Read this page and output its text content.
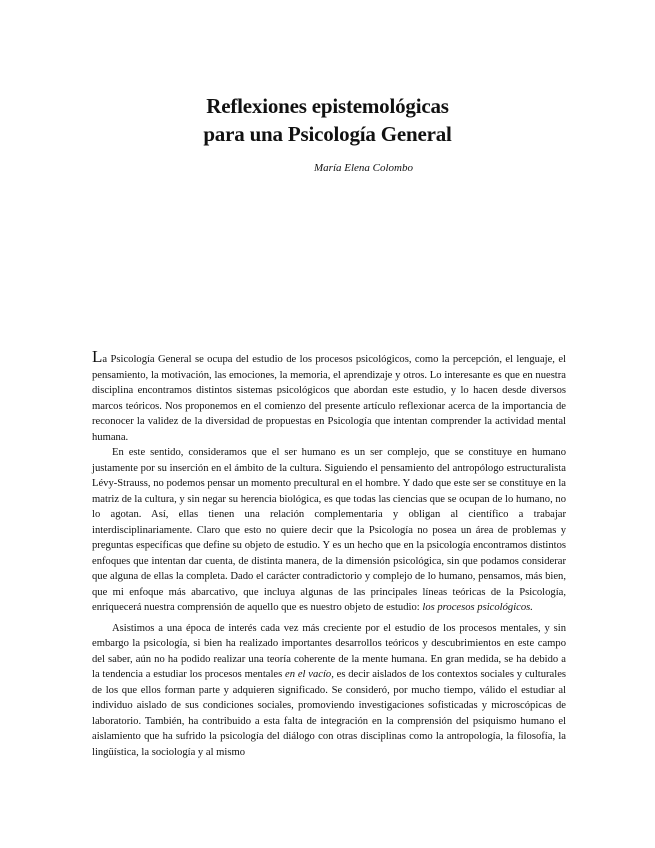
Reflexiones epistemológicas
para una Psicología General
María Elena Colombo

La Psicología General se ocupa del estudio de los procesos psicológicos, como la percepción, el lenguaje, el pensamiento, la motivación, las emociones, la memoria, el aprendizaje y otros. Lo interesante es que en nuestra disciplina encontramos distintos sistemas psicológicos que abordan este estudio, y lo hacen desde diversos marcos teóricos. Nos proponemos en el comienzo del presente artículo reflexionar acerca de la importancia de reconocer la validez de la diversidad de propuestas en Psicología que intentan comprender la actividad mental humana.

En este sentido, consideramos que el ser humano es un ser complejo, que se constituye en humano justamente por su inserción en el ámbito de la cultura. Siguiendo el pensamiento del antropólogo estructuralista Lévy-Strauss, no podemos pensar un momento precultural en el hombre. Y dado que este ser se constituye en la matriz de la cultura, y sin negar su herencia biológica, es que todas las ciencias que se ocupan de lo humano, no lo agotan. Así, ellas tienen una relación complementaria y obligan al científico a trabajar interdisciplinariamente. Claro que esto no quiere decir que la Psicología no posea un área de problemas y preguntas específicas que define su objeto de estudio. Y es un hecho que en la psicología encontramos distintos enfoques que intentan dar cuenta, de distinta manera, de la dimensión psicológica, sin que podamos considerar que alguna de ellas la completa. Dado el carácter contradictorio y complejo de lo humano, pensamos, más bien, que mi enfoque más abarcativo, que incluya algunas de las principales líneas teóricas de la Psicología, enriquecerá nuestra comprensión de aquello que es nuestro objeto de estudio: los procesos psicológicos.

Asistimos a una época de interés cada vez más creciente por el estudio de los procesos mentales, y sin embargo la psicología, si bien ha realizado importantes desarrollos teóricos y descubrimientos en este campo del saber, aún no ha podido realizar una teoría coherente de la mente humana. En gran medida, se ha debido a la tendencia a estudiar los procesos mentales en el vacío, es decir aislados de los contextos sociales y culturales de los que ellos forman parte y adquieren significado. Se consideró, por mucho tiempo, válido el estudiar al individuo aislado de sus condiciones sociales, promoviendo investigaciones sofisticadas y microscópicas de laboratorio. También, ha contribuido a esta falta de integración en la comprensión del psiquismo humano el aislamiento que ha sufrido la psicología del diálogo con otras disciplinas como la antropología, la filosofía, la lingüística, la sociología y al mismo
